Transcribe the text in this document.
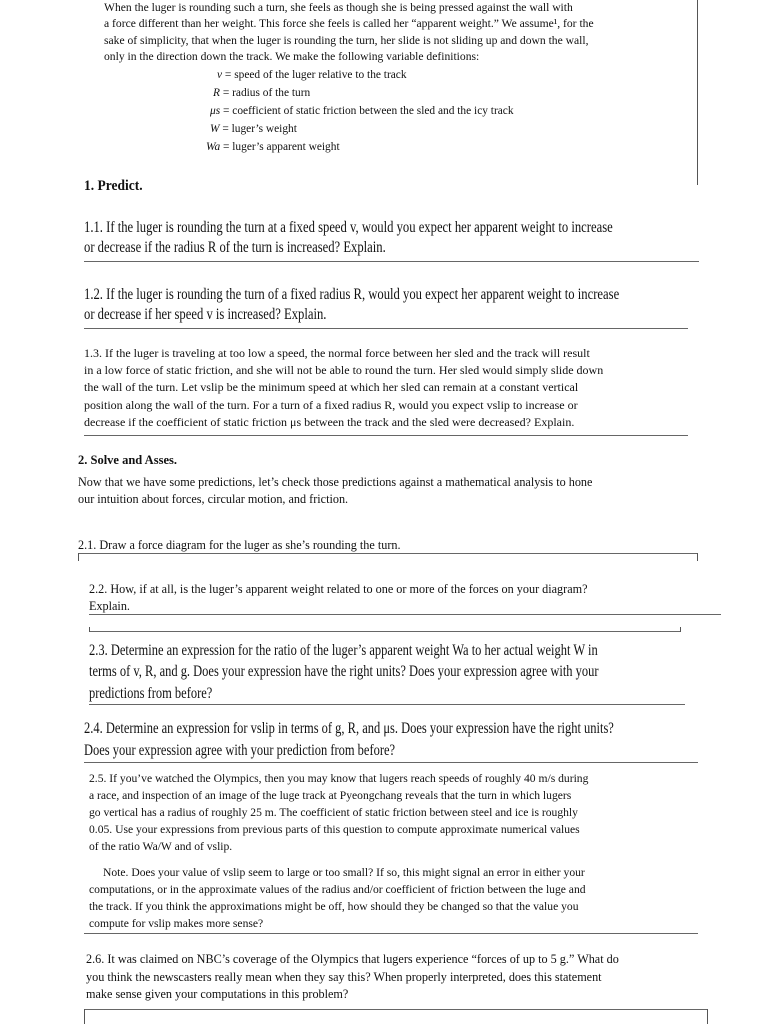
When the luger is rounding such a turn, she feels as though she is being pressed against the wall with
a force different than her weight. This force she feels is called her “apparent weight.” We assume¹, for the
sake of simplicity, that when the luger is rounding the turn, her slide is not sliding up and down the wall,
only in the direction down the track. We make the following variable definitions:
v = speed of the luger relative to the track
R = radius of the turn
μs = coefficient of static friction between the sled and the icy track
W = luger’s weight
Wa = luger’s apparent weight
1. Predict.
1.1. If the luger is rounding the turn at a fixed speed v, would you expect her apparent weight to increase
or decrease if the radius R of the turn is increased? Explain.
1.2. If the luger is rounding the turn of a fixed radius R, would you expect her apparent weight to increase
or decrease if her speed v is increased? Explain.
1.3. If the luger is traveling at too low a speed, the normal force between her sled and the track will result
in a low force of static friction, and she will not be able to round the turn. Her sled would simply slide down
the wall of the turn. Let vslip be the minimum speed at which her sled can remain at a constant vertical
position along the wall of the turn. For a turn of a fixed radius R, would you expect vslip to increase or
decrease if the coefficient of static friction μs between the track and the sled were decreased? Explain.
2. Solve and Asses.
Now that we have some predictions, let’s check those predictions against a mathematical analysis to hone
our intuition about forces, circular motion, and friction.
2.1. Draw a force diagram for the luger as she’s rounding the turn.
2.2. How, if at all, is the luger’s apparent weight related to one or more of the forces on your diagram?
Explain.
2.3. Determine an expression for the ratio of the luger’s apparent weight Wa to her actual weight W in
terms of v, R, and g. Does your expression have the right units? Does your expression agree with your
predictions from before?
2.4. Determine an expression for vslip in terms of g, R, and μs. Does your expression have the right units?
Does your expression agree with your prediction from before?
2.5. If you’ve watched the Olympics, then you may know that lugers reach speeds of roughly 40 m/s during
a race, and inspection of an image of the luge track at Pyeongchang reveals that the turn in which lugers
go vertical has a radius of roughly 25 m. The coefficient of static friction between steel and ice is roughly
0.05. Use your expressions from previous parts of this question to compute approximate numerical values
of the ratio Wa/W and of vslip.
Note. Does your value of vslip seem to large or too small? If so, this might signal an error in either your
computations, or in the approximate values of the radius and/or coefficient of friction between the luge and
the track. If you think the approximations might be off, how should they be changed so that the value you
compute for vslip makes more sense?
2.6. It was claimed on NBC’s coverage of the Olympics that lugers experience “forces of up to 5 g.” What do
you think the newscasters really mean when they say this? When properly interpreted, does this statement
make sense given your computations in this problem?
